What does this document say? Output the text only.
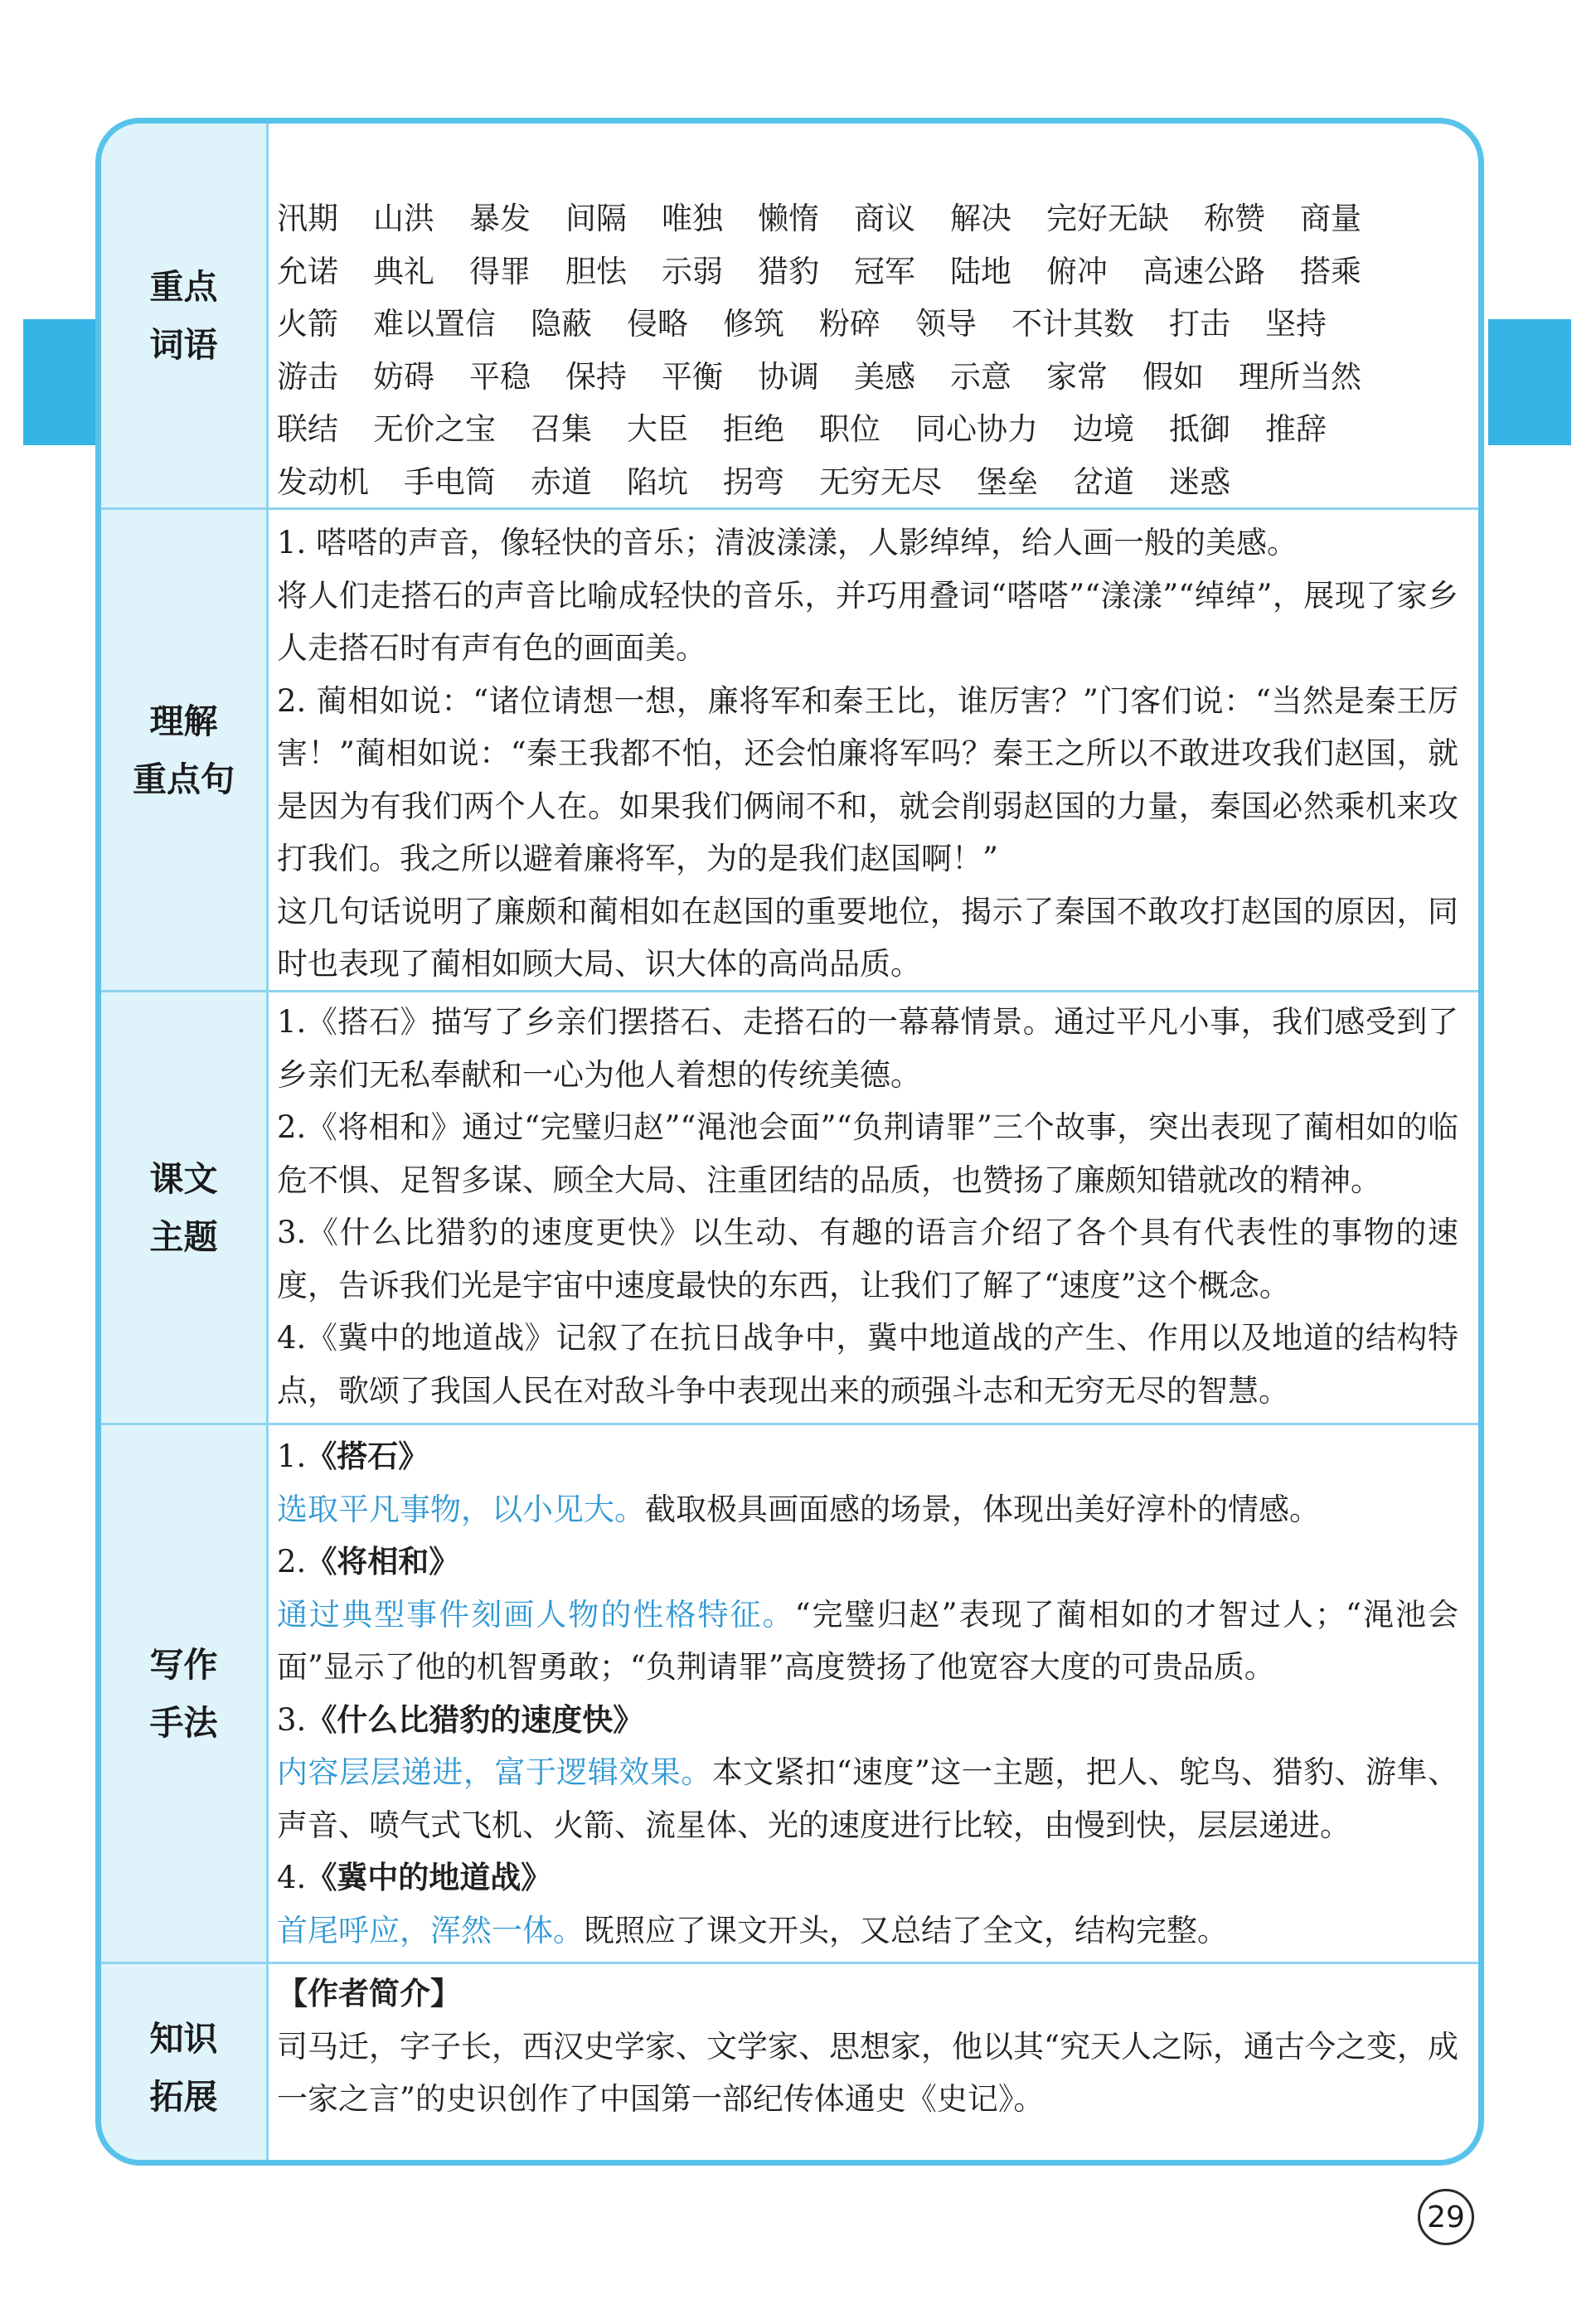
重点
词语
汛期 山洪 暴发 间隔 唯独 懒惰 商议 解决 完好无缺 称赞 商量
允诺 典礼 得罪 胆怯 示弱 猎豹 冠军 陆地 俯冲 高速公路 搭乘
火箭 难以置信 隐蔽 侵略 修筑 粉碎 领导 不计其数 打击 坚持
游击 妨碍 平稳 保持 平衡 协调 美感 示意 家常 假如 理所当然
联结 无价之宝 召集 大臣 拒绝 职位 同心协力 边境 抵御 推辞
发动机 手电筒 赤道 陷坑 拐弯 无穷无尽 堡垒 岔道 迷惑
理解
重点句
1. 嗒嗒的声音，像轻快的音乐；清波漾漾，人影绰绰，给人画一般的美感。
将人们走搭石的声音比喻成轻快的音乐，并巧用叠词“嗒嗒”“漾漾”“绰绰”，展现了家乡人走搭石时有声有色的画面美。
2. 蔺相如说：“诸位请想一想，廉将军和秦王比，谁厉害？”门客们说：“当然是秦王厉害！”蔺相如说：“秦王我都不怕，还会怕廉将军吗？秦王之所以不敢进攻我们赵国，就是因为有我们两个人在。如果我们俩闹不和，就会削弱赵国的力量，秦国必然乘机来攻打我们。我之所以避着廉将军，为的是我们赵国啊！”
这几句话说明了廉颇和蔺相如在赵国的重要地位，揭示了秦国不敢攻打赵国的原因，同时也表现了蔺相如顾大局、识大体的高尚品质。
课文
主题
1.《搭石》描写了乡亲们摆搭石、走搭石的一幕幕情景。通过平凡小事，我们感受到了乡亲们无私奉献和一心为他人着想的传统美德。
2.《将相和》通过“完璧归赵”“渑池会面”“负荆请罪”三个故事，突出表现了蔺相如的临危不惧、足智多谋、顾全大局、注重团结的品质，也赞扬了廉颇知错就改的精神。
3.《什么比猎豹的速度更快》以生动、有趣的语言介绍了各个具有代表性的事物的速度，告诉我们光是宇宙中速度最快的东西，让我们了解了“速度”这个概念。
4.《冀中的地道战》记叙了在抗日战争中，冀中地道战的产生、作用以及地道的结构特点，歌颂了我国人民在对敌斗争中表现出来的顽强斗志和无穷无尽的智慧。
写作
手法
1.《搭石》
选取平凡事物，以小见大。截取极具画面感的场景，体现出美好淳朴的情感。
2.《将相和》
通过典型事件刻画人物的性格特征。“完璧归赵”表现了蔺相如的才智过人；“渑池会面”显示了他的机智勇敢；“负荆请罪”高度赞扬了他宽容大度的可贵品质。
3.《什么比猎豹的速度快》
内容层层递进，富于逻辑效果。本文紧扣“速度”这一主题，把人、鸵鸟、猎豹、游隼、声音、喷气式飞机、火箭、流星体、光的速度进行比较，由慢到快，层层递进。
4.《冀中的地道战》
首尾呼应，浑然一体。既照应了课文开头，又总结了全文，结构完整。
知识
拓展
【作者简介】
司马迁，字子长，西汉史学家、文学家、思想家，他以其“究天人之际，通古今之变，成一家之言”的史识创作了中国第一部纪传体通史《史记》。
29
